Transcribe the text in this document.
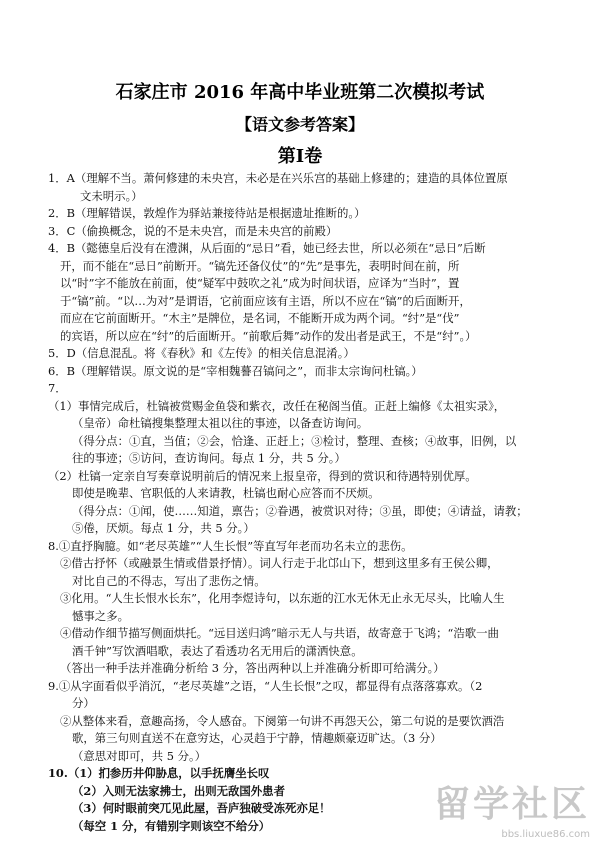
石家庄市 2016 年高中毕业班第二次模拟考试
【语文参考答案】
第Ⅰ卷
1．A（理解不当。萧何修建的未央宫，未必是在兴乐宫的基础上修建的；建造的具体位置原
文未明示。）
2．B（理解错误，敦煌作为驿站兼接待站是根据遗址推断的。）
3．C（偷换概念，说的不是未央宫，而是未央宫的前殿）
4．B（懿德皇后没有在澧渊，从后面的“忌日”看，她已经去世，所以必须在“忌日”后断
开，而不能在“忌日”前断开。“镐先还备仪仗”的“先”是事先，表明时间在前，所
以“时”字不能放在前面，使“疑军中鼓吹之礼”成为时间状语，应译为“当时”，置
于“镐”前。“以…为对”是谓语，它前面应该有主语，所以不应在“镐”的后面断开，
而应在它前面断开。“木主”是牌位，是名词，不能断开成为两个词。“纣”是“伐”
的宾语，所以应在“纣”的后面断开。“前歌后舞”动作的发出者是武王，不是“纣”。）
5．D（信息混乱。将《春秋》和《左传》的相关信息混淆。）
6．B（理解错误。原文说的是“宰相魏謩召镐问之”，而非太宗询问杜镐。）
7．
（1）事情完成后，杜镐被赏赐金鱼袋和紫衣，改任在秘阁当值。正赶上编修《太祖实录》，
（皇帝）命杜镐搜集整理太祖以往的事迹，以备查访询问。
（得分点：①直，当值；②会，恰逢、正赶上；③检讨，整理、查核；④故事，旧例，以
往的事迹；⑤访问，查访询问。每点 1 分，共 5 分。）
（2）杜镐一定亲自写奏章说明前后的情况来上报皇帝，得到的赏识和待遇特别优厚。
即使是晚辈、官职低的人来请教，杜镐也耐心应答而不厌烦。
（得分点：①闻，使……知道，禀告；②眷遇，被赏识对待；③虽，即使；④请益，请教；
⑤倦，厌烦。每点 1 分，共 5 分。）
8.①直抒胸臆。如“老尽英雄”“人生长恨”等直写年老而功名未立的悲伤。
②借古抒怀（或融景生情或借景抒情）。词人行走于北邙山下，想到这里多有王侯公卿，
对比自己的不得志，写出了悲伤之情。
③化用。“人生长恨水长东”，化用李煜诗句，以东逝的江水无休无止永无尽头，比喻人生
憾事之多。
④借动作细节描写侧面烘托。“远目送归鸿”暗示无人与共语，故寄意于飞鸿；“浩歌一曲
酒千钟”写饮酒唱歌，表达了看透功名无用后的潇洒快意。
（答出一种手法并准确分析给 3 分，答出两种以上并准确分析即可给满分。）
9.①从字面看似乎消沉，“老尽英雄”之语，“人生长恨”之叹，都显得有点落落寡欢。（2
分）
②从整体来看，意趣高扬，令人感奋。下阕第一句讲不再怨天公，第二句说的是要饮酒浩
歌，第三句则直送不在意穷达，心灵趋于宁静，情趣颇豪迈旷达。（3 分）
（意思对即可，共 5 分。）
10.（1）扪参历井仰胁息，以手抚膺坐长叹
（2）入则无法家拂士，出则无敌国外患者
（3）何时眼前突兀见此屋，吾庐独破受冻死亦足！
（每空 1 分，有错别字则该空不给分）
留学社区
bbs.liuxue86.com
